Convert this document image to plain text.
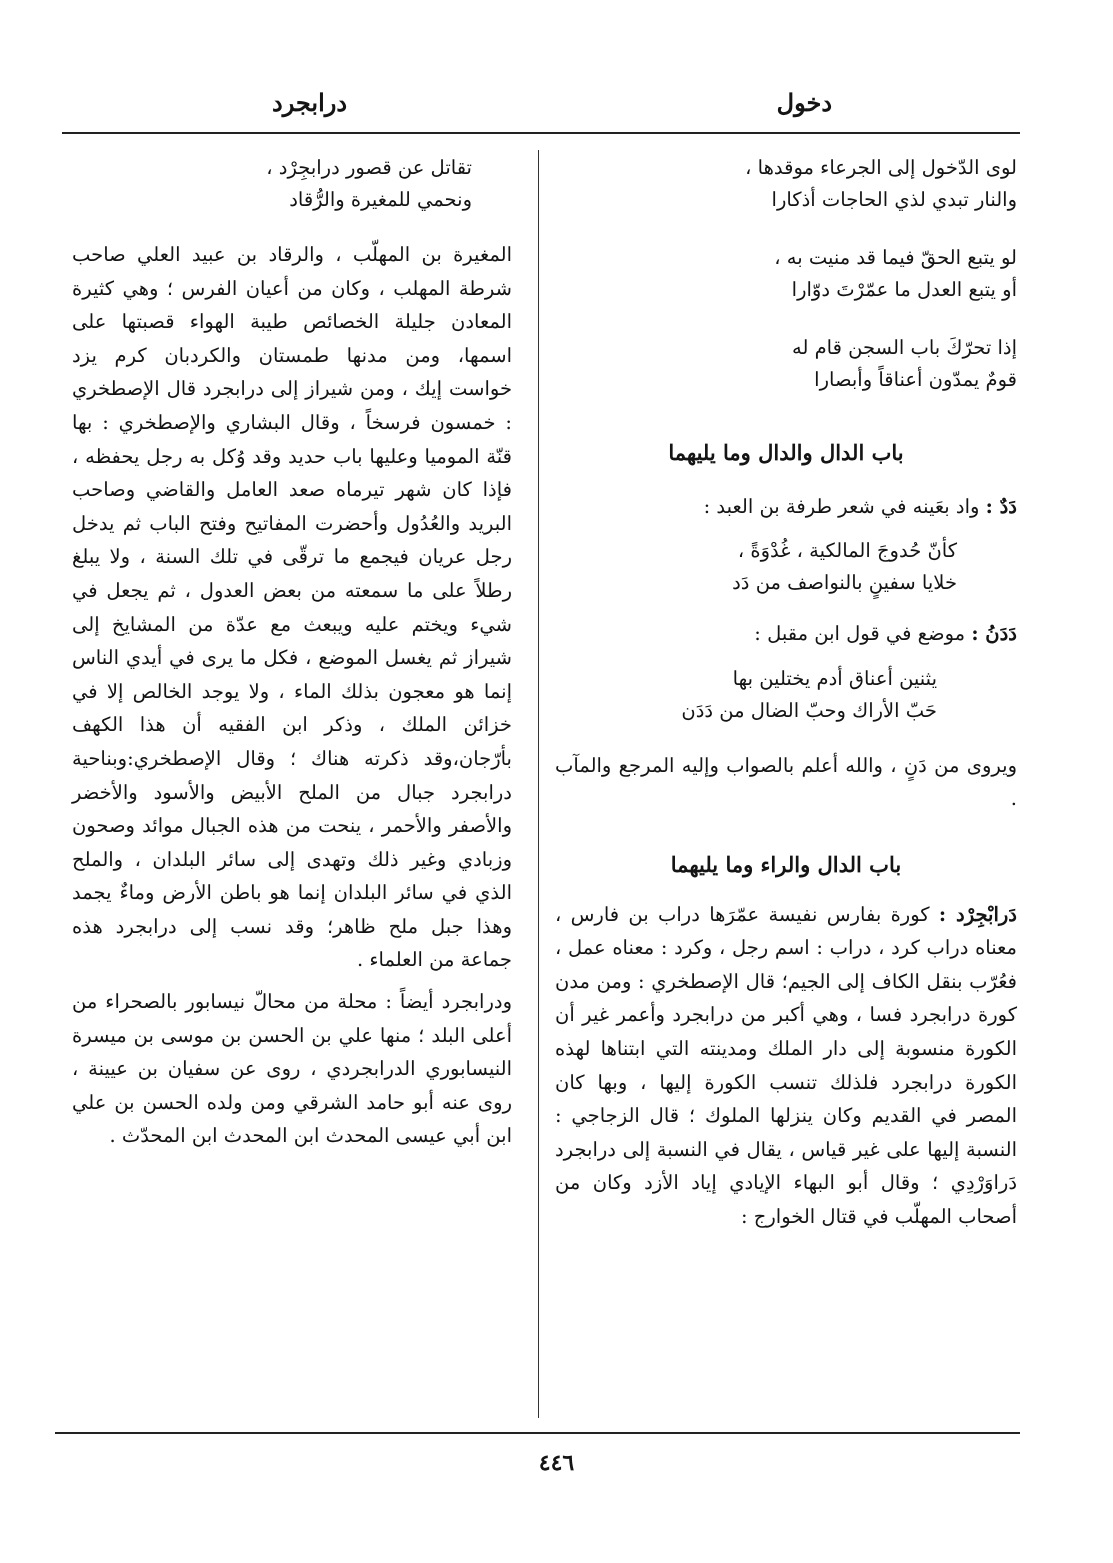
دخول
درابجرد
لوى الدّخول إلى الجرعاء موقدها ،
والنار تبدي لذي الحاجات أذكارا
لو يتبع الحقّ فيما قد منيت به ،
أو يتبع العدل ما عمّرْتَ دوّارا
إذا تحرّكَ باب السجن قام له
قومٌ يمدّون أعناقاً وأبصارا

باب الدال والدال وما يليهما

دَدٌ : واد بعَينه في شعر طرفة بن العبد :

كأنّ حُدوجَ المالكية ، غُدْوَةً ،
خلايا سفينٍ بالنواصف من دَد

دَدَنُ : موضع في قول ابن مقبل :

يثنين أعناق أدم يختلين بها
حَبّ الأراك وحبّ الضال من دَدَن

ويروى من دَنٍ ، والله أعلم بالصواب وإليه المرجع والمآب .

باب الدال والراء وما يليهما

دَرابْجِرْد : كورة بفارس نفيسة عمّرَها دراب بن فارس ، معناه دراب كرد ، دراب : اسم رجل ، وكرد : معناه عمل ، فعُرّب بنقل الكاف إلى الجيم؛ قال الإصطخري : ومن مدن كورة درابجرد فسا ، وهي أكبر من درابجرد وأعمر غير أن الكورة منسوبة إلى دار الملك ومدينته التي ابتناها لهذه الكورة درابجرد فلذلك تنسب الكورة إليها ، وبها كان المصر في القديم وكان ينزلها الملوك ؛ قال الزجاجي : النسبة إليها على غير قياس ، يقال في النسبة إلى درابجرد دَراوَرْدِي ؛ وقال أبو البهاء الإيادي إياد الأزد وكان من أصحاب المهلّب في قتال الخوارج :

تقاتل عن قصور درابجِرْد ،
ونحمي للمغيرة والرُّقاد

المغيرة بن المهلّب ، والرقاد بن عبيد العلي صاحب شرطة المهلب ، وكان من أعيان الفرس ؛ وهي كثيرة المعادن جليلة الخصائص طيبة الهواء قصبتها على اسمها، ومن مدنها طمستان والكردبان كرم يزد خواست إيك ، ومن شيراز إلى درابجرد قال الإصطخري : خمسون فرسخاً ، وقال البشاري والإصطخري : بها قنّة الموميا وعليها باب حديد وقد وُكل به رجل يحفظه ، فإذا كان شهر تيرماه صعد العامل والقاضي وصاحب البريد والعُدُول وأحضرت المفاتيح وفتح الباب ثم يدخل رجل عريان فيجمع ما ترقّى في تلك السنة ، ولا يبلغ رطلاً على ما سمعته من بعض العدول ، ثم يجعل في شيء ويختم عليه ويبعث مع عدّة من المشايخ إلى شيراز ثم يغسل الموضع ، فكل ما يرى في أيدي الناس إنما هو معجون بذلك الماء ، ولا يوجد الخالص إلا في خزائن الملك ، وذكر ابن الفقيه أن هذا الكهف بأرّجان،وقد ذكرته هناك ؛ وقال الإصطخري:وبناحية درابجرد جبال من الملح الأبيض والأسود والأخضر والأصفر والأحمر ، ينحت من هذه الجبال موائد وصحون وزبادي وغير ذلك وتهدى إلى سائر البلدان ، والملح الذي في سائر البلدان إنما هو باطن الأرض وماءٌ يجمد وهذا جبل ملح ظاهر؛ وقد نسب إلى درابجرد هذه جماعة من العلماء .

ودرابجرد أيضاً : محلة من محالّ نيسابور بالصحراء من أعلى البلد ؛ منها علي بن الحسن بن موسى بن ميسرة النيسابوري الدرابجردي ، روى عن سفيان بن عيينة ، روى عنه أبو حامد الشرقي ومن ولده الحسن بن علي ابن أبي عيسى المحدث ابن المحدث ابن المحدّث .

٤٤٦
